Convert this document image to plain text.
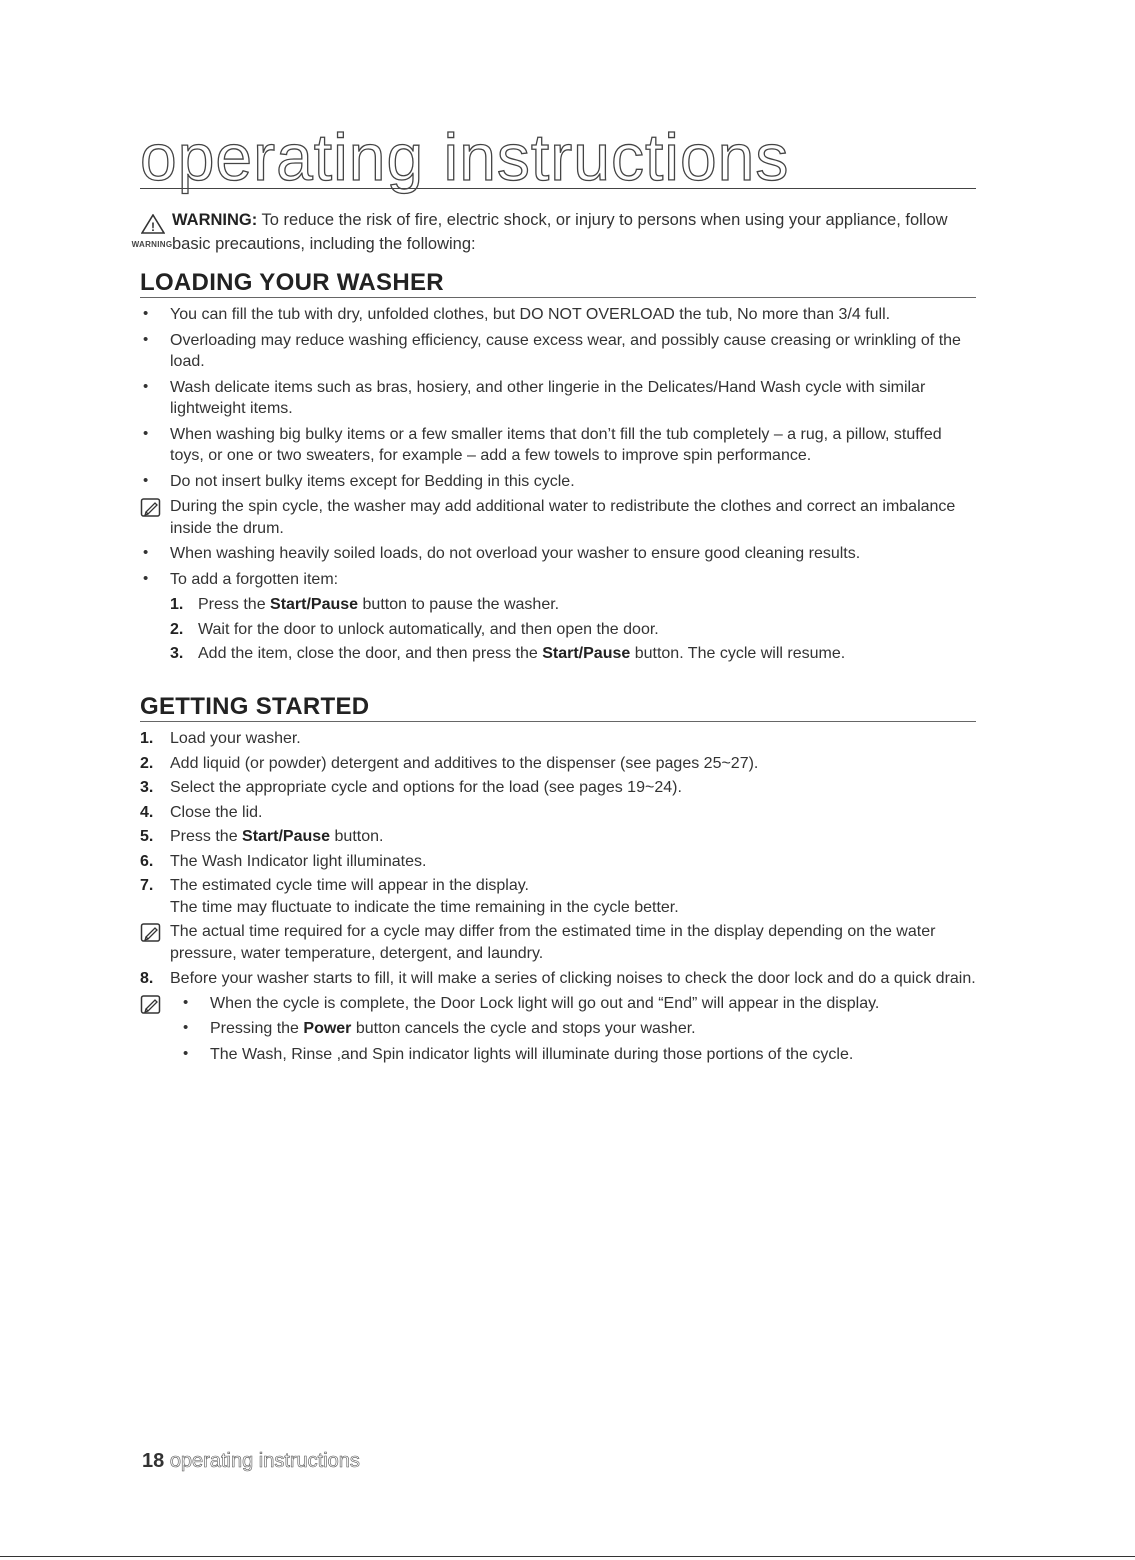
operating instructions
!
WARNING
WARNING: To reduce the risk of fire, electric shock, or injury to persons when using your appliance, follow basic precautions, including the following:
LOADING YOUR WASHER
• You can fill the tub with dry, unfolded clothes, but DO NOT OVERLOAD the tub, No more than 3/4 full.
• Overloading may reduce washing efficiency, cause excess wear, and possibly cause creasing or wrinkling of the load.
• Wash delicate items such as bras, hosiery, and other lingerie in the Delicates/Hand Wash cycle with similar lightweight items.
• When washing big bulky items or a few smaller items that don’t fill the tub completely – a rug, a pillow, stuffed toys, or one or two sweaters, for example – add a few towels to improve spin performance.
• Do not insert bulky items except for Bedding in this cycle.
During the spin cycle, the washer may add additional water to redistribute the clothes and correct an imbalance inside the drum.
• When washing heavily soiled loads, do not overload your washer to ensure good cleaning results.
• To add a forgotten item:
1. Press the Start/Pause button to pause the washer.
2. Wait for the door to unlock automatically, and then open the door.
3. Add the item, close the door, and then press the Start/Pause button. The cycle will resume.
GETTING STARTED
1. Load your washer.
2. Add liquid (or powder) detergent and additives to the dispenser (see pages 25~27).
3. Select the appropriate cycle and options for the load (see pages 19~24).
4. Close the lid.
5. Press the Start/Pause button.
6. The Wash Indicator light illuminates.
7. The estimated cycle time will appear in the display.
The time may fluctuate to indicate the time remaining in the cycle better.
The actual time required for a cycle may differ from the estimated time in the display depending on the water pressure, water temperature, detergent, and laundry.
8. Before your washer starts to fill, it will make a series of clicking noises to check the door lock and do a quick drain.
• When the cycle is complete, the Door Lock light will go out and “End” will appear in the display.
• Pressing the Power button cancels the cycle and stops your washer.
• The Wash, Rinse ,and Spin indicator lights will illuminate during those portions of the cycle.
18 operating instructions
